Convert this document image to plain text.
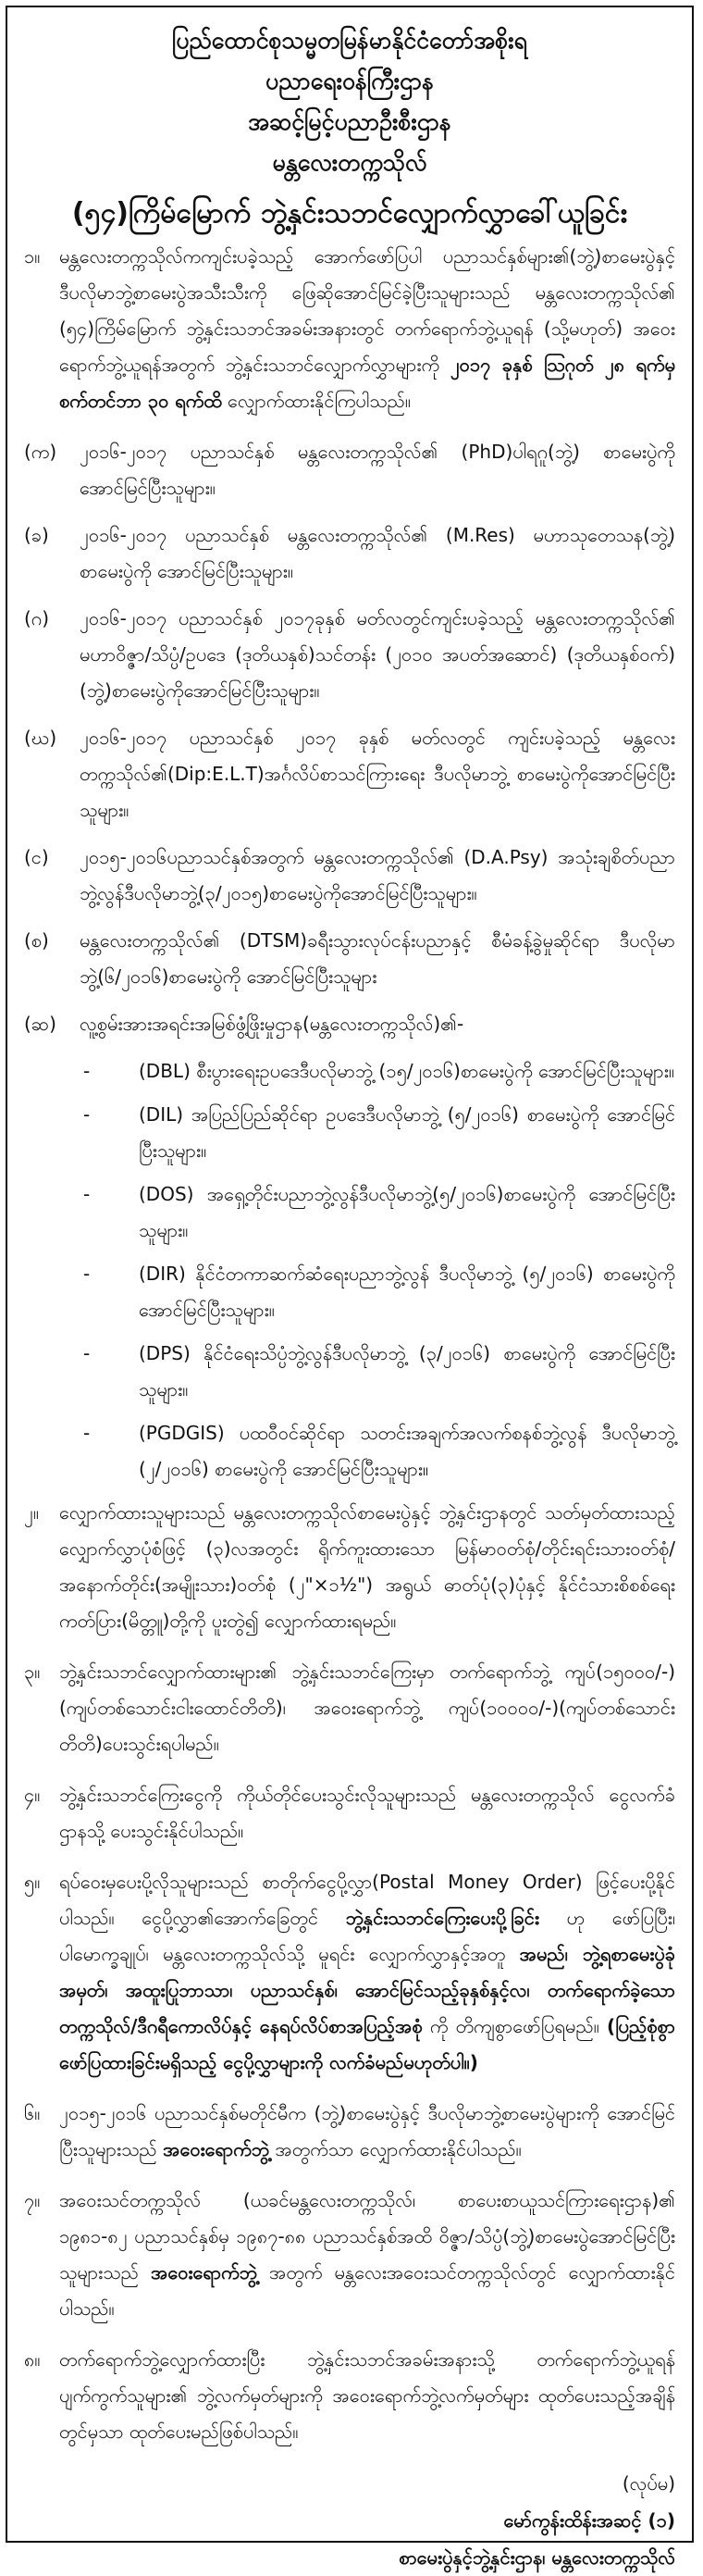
ပြည်ထောင်စုသမ္မတမြန်မာနိုင်ငံတော်အစိုးရ
ပညာရေးဝန်ကြီးဌာန
အဆင့်မြင့်ပညာဦးစီးဌာန
မန္တလေးတက္ကသိုလ်
(၅၄)ကြိမ်မြောက် ဘွဲ့နှင်းသဘင်လျှောက်လွှာခေါ်ယူခြင်း
၁။	မန္တလေးတက္ကသိုလ်ကကျင်းပခဲ့သည့် အောက်ဖော်ပြပါ ပညာသင်နှစ်များ၏(ဘွဲ့)စာမေးပွဲနှင့် ဒီပလိုမာဘွဲ့စာမေးပွဲအသီးသီးကို ဖြေဆိုအောင်မြင်ခဲ့ပြီးသူများသည် မန္တလေးတက္ကသိုလ်၏ (၅၄)ကြိမ်မြောက် ဘွဲ့နှင်းသဘင်အခမ်းအနားတွင် တက်ရောက်ဘွဲ့ယူရန် (သို့မဟုတ်) အဝေးရောက်ဘွဲ့ယူရန်အတွက် ဘွဲ့နှင်းသဘင်လျှောက်လွှာများကို ၂၀၁၇ ခုနှစ် ဩဂုတ် ၂၈ ရက်မှ စက်တင်ဘာ ၃၀ ရက်ထိ လျှောက်ထားနိုင်ကြပါသည်။
(က)	၂၀၁၆-၂၀၁၇ ပညာသင်နှစ် မန္တလေးတက္ကသိုလ်၏ (PhD)ပါရဂူ(ဘွဲ့) စာမေးပွဲကို အောင်မြင်ပြီးသူများ။
(ခ)	၂၀၁၆-၂၀၁၇ ပညာသင်နှစ် မန္တလေးတက္ကသိုလ်၏ (M.Res) မဟာသုတေသန(ဘွဲ့) စာမေးပွဲကို အောင်မြင်ပြီးသူများ။
(ဂ)	၂၀၁၆-၂၀၁၇ ပညာသင်နှစ် ၂၀၁၇ခုနှစ် မတ်လတွင်ကျင်းပခဲ့သည့် မန္တလေးတက္ကသိုလ်၏ မဟာဝိဇ္ဇာ/သိပ္ပံ/ဥပဒေ (ဒုတိယနှစ်)သင်တန်း (၂၀၁၀ အပတ်အဆောင်) (ဒုတိယနှစ်ဝက်) (ဘွဲ့)စာမေးပွဲကိုအောင်မြင်ပြီးသူများ။
(ဃ)	၂၀၁၆-၂၀၁၇ ပညာသင်နှစ် ၂၀၁၇ ခုနှစ် မတ်လတွင် ကျင်းပခဲ့သည့် မန္တလေးတက္ကသိုလ်၏(Dip:E.L.T)အင်္ဂလိပ်စာသင်ကြားရေး ဒီပလိုမာဘွဲ့ စာမေးပွဲကိုအောင်မြင်ပြီးသူများ။
(င)	၂၀၁၅-၂၀၁၆ပညာသင်နှစ်အတွက် မန္တလေးတက္ကသိုလ်၏ (D.A.Psy) အသုံးချစိတ်ပညာ ဘွဲ့လွန်ဒီပလိုမာဘွဲ့(၃/၂၀၁၅)စာမေးပွဲကိုအောင်မြင်ပြီးသူများ။
(စ)	မန္တလေးတက္ကသိုလ်၏ (DTSM)ခရီးသွားလုပ်ငန်းပညာနှင့် စီမံခန့်ခွဲမှုဆိုင်ရာ ဒီပလိုမာဘွဲ့(၆/၂၀၁၆)စာမေးပွဲကို အောင်မြင်ပြီးသူများ
(ဆ)	လူ့စွမ်းအားအရင်းအမြစ်ဖွံ့ဖြိုးမှုဌာန(မန္တလေးတက္ကသိုလ်)၏-
-	(DBL) စီးပွားရေးဥပဒေဒီပလိုမာဘွဲ့ (၁၅/၂၀၁၆)စာမေးပွဲကို အောင်မြင်ပြီးသူများ။
-	(DIL) အပြည်ပြည်ဆိုင်ရာ ဥပဒေဒီပလိုမာဘွဲ့ (၅/၂၀၁၆) စာမေးပွဲကို အောင်မြင်ပြီးသူများ။
-	(DOS) အရှေ့တိုင်းပညာဘွဲ့လွန်ဒီပလိုမာဘွဲ့(၅/၂၀၁၆)စာမေးပွဲကို အောင်မြင်ပြီးသူများ။
-	(DIR) နိုင်ငံတကာဆက်ဆံရေးပညာဘွဲ့လွန် ဒီပလိုမာဘွဲ့ (၅/၂၀၁၆) စာမေးပွဲကို အောင်မြင်ပြီးသူများ။
-	(DPS) နိုင်ငံရေးသိပ္ပံဘွဲ့လွန်ဒီပလိုမာဘွဲ့ (၃/၂၀၁၆) စာမေးပွဲကို အောင်မြင်ပြီးသူများ။
-	(PGDGIS) ပထဝီဝင်ဆိုင်ရာ သတင်းအချက်အလက်စနစ်ဘွဲ့လွန် ဒီပလိုမာဘွဲ့ (၂/၂၀၁၆) စာမေးပွဲကို အောင်မြင်ပြီးသူများ။
၂။	လျှောက်ထားသူများသည် မန္တလေးတက္ကသိုလ်စာမေးပွဲနှင့် ဘွဲ့နှင်းဌာနတွင် သတ်မှတ်ထားသည့် လျှောက်လွှာပုံစံဖြင့် (၃)လအတွင်း ရိုက်ကူးထားသော မြန်မာဝတ်စုံ/တိုင်းရင်းသားဝတ်စုံ/အနောက်တိုင်း(အမျိုးသား)ဝတ်စုံ (၂"×၁½") အရွယ် ဓာတ်ပုံ(၃)ပုံနှင့် နိုင်ငံသားစိစစ်ရေးကတ်ပြား(မိတ္တူ)တို့ကို ပူးတွဲ၍ လျှောက်ထားရမည်။
၃။	ဘွဲ့နှင်းသဘင်လျှောက်ထားများ၏ ဘွဲ့နှင်းသဘင်ကြေးမှာ တက်ရောက်ဘွဲ့ ကျပ်(၁၅၀၀၀/-) (ကျပ်တစ်သောင်းငါးထောင်တိတိ)၊ အဝေးရောက်ဘွဲ့ ကျပ်(၁၀၀၀၀/-)(ကျပ်တစ်သောင်းတိတိ)ပေးသွင်းရပါမည်။
၄။	ဘွဲ့နှင်းသဘင်ကြေးငွေကို ကိုယ်တိုင်ပေးသွင်းလိုသူများသည် မန္တလေးတက္ကသိုလ် ငွေလက်ခံဌာနသို့ ပေးသွင်းနိုင်ပါသည်။
၅။	ရပ်ဝေးမှပေးပို့လိုသူများသည် စာတိုက်ငွေပို့လွှာ(Postal Money Order) ဖြင့်ပေးပို့နိုင်ပါသည်။ ငွေပို့လွှာ၏အောက်ခြေတွင် ဘွဲ့နှင်းသဘင်ကြေးပေးပို့ခြင်း ဟု ဖော်ပြပြီး၊ ပါမောက္ခချုပ်၊ မန္တလေးတက္ကသိုလ်သို့ မူရင်း လျှောက်လွှာနှင့်အတူ အမည်၊ ဘွဲ့ရစာမေးပွဲခုံအမှတ်၊ အထူးပြုဘာသာ၊ ပညာသင်နှစ်၊ အောင်မြင်သည့်ခုနှစ်နှင့်လ၊ တက်ရောက်ခဲ့သော တက္ကသိုလ်/ဒီဂရီကောလိပ်နှင့် နေရပ်လိပ်စာအပြည့်အစုံ ကို တိကျစွာဖော်ပြရမည်။ (ပြည့်စုံစွာဖော်ပြထားခြင်းမရှိသည့် ငွေပို့လွှာများကို လက်ခံမည်မဟုတ်ပါ။)
၆။	၂၀၁၅-၂၀၁၆ ပညာသင်နှစ်မတိုင်မီက (ဘွဲ့)စာမေးပွဲနှင့် ဒီပလိုမာဘွဲ့စာမေးပွဲများကို အောင်မြင်ပြီးသူများသည် အဝေးရောက်ဘွဲ့ အတွက်သာ လျှောက်ထားနိုင်ပါသည်။
၇။	အဝေးသင်တက္ကသိုလ် (ယခင်မန္တလေးတက္ကသိုလ်၊ စာပေးစာယူသင်ကြားရေးဌာန)၏ ၁၉၈၁-၈၂ ပညာသင်နှစ်မှ ၁၉၈၇-၈၈ ပညာသင်နှစ်အထိ ဝိဇ္ဇာ/သိပ္ပံ(ဘွဲ့)စာမေးပွဲအောင်မြင်ပြီးသူများသည် အဝေးရောက်ဘွဲ့ အတွက် မန္တလေးအဝေးသင်တက္ကသိုလ်တွင် လျှောက်ထားနိုင်ပါသည်။
၈။	တက်ရောက်ဘွဲ့လျှောက်ထားပြီး ဘွဲ့နှင်းသဘင်အခမ်းအနားသို့ တက်ရောက်ဘွဲ့ယူရန် ပျက်ကွက်သူများ၏ ဘွဲ့လက်မှတ်များကို အဝေးရောက်ဘွဲ့လက်မှတ်များ ထုတ်ပေးသည့်အချိန်တွင်မှသာ ထုတ်ပေးမည်ဖြစ်ပါသည်။
(လုပ်မ)
မော်ကွန်းထိန်းအဆင့် (၁)
စာမေးပွဲနှင့်ဘွဲ့နှင်းဌာန၊ မန္တလေးတက္ကသိုလ်
